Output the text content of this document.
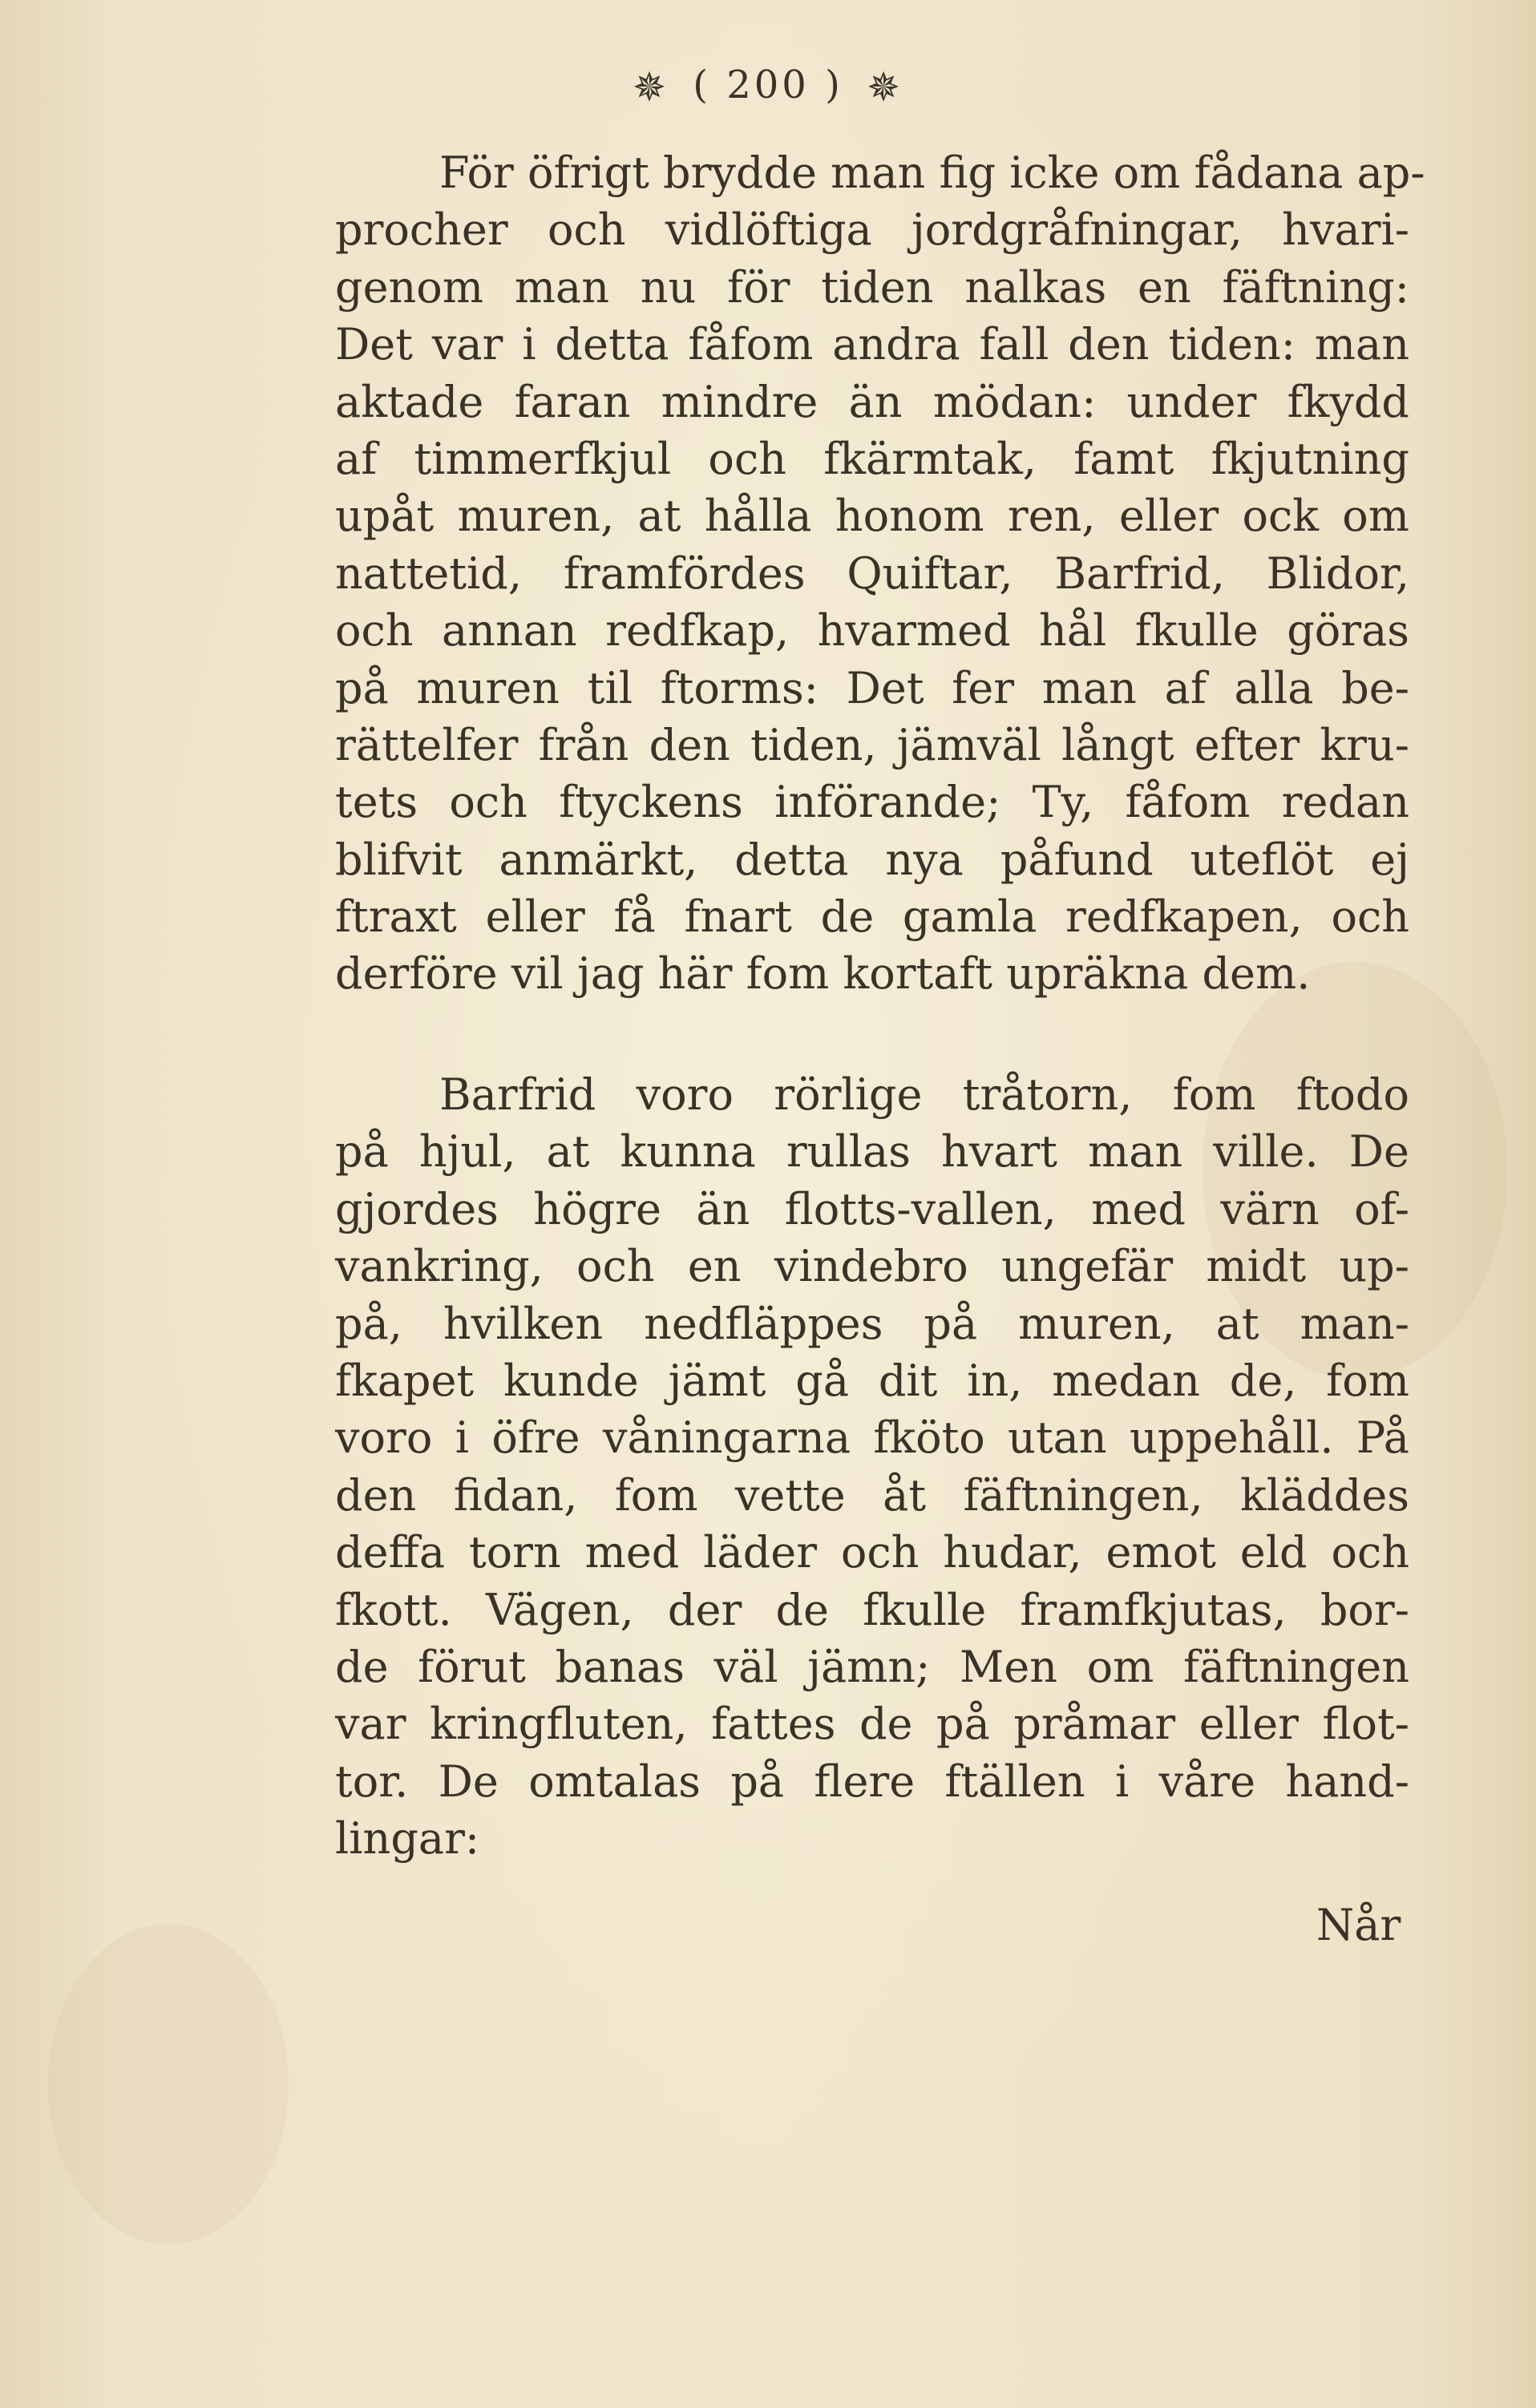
✵ ( 200 ) ✵
För öfrigt brydde man fig icke om fådana ap-
procher och vidlöftiga jordgråfningar, hvari-
genom man nu för tiden nalkas en fäftning:
Det var i detta fåfom andra fall den tiden: man
aktade faran mindre än mödan: under fkydd
af timmerfkjul och fkärmtak, famt fkjutning
upåt muren, at hålla honom ren, eller ock om
nattetid, framfördes Quiftar, Barfrid, Blidor,
och annan redfkap, hvarmed hål fkulle göras
på muren til ftorms: Det fer man af alla be-
rättelfer från den tiden, jämväl långt efter kru-
tets och ftyckens införande; Ty, fåfom redan
blifvit anmärkt, detta nya påfund uteflöt ej
ftraxt eller få fnart de gamla redfkapen, och
derföre vil jag här fom kortaft upräkna dem.
Barfrid voro rörlige tråtorn, fom ftodo
på hjul, at kunna rullas hvart man ville. De
gjordes högre än flotts-vallen, med värn of-
vankring, och en vindebro ungefär midt up-
på, hvilken nedfläppes på muren, at man-
fkapet kunde jämt gå dit in, medan de, fom
voro i öfre våningarna fköto utan uppehåll. På
den fidan, fom vette åt fäftningen, kläddes
deffa torn med läder och hudar, emot eld och
fkott. Vägen, der de fkulle framfkjutas, bor-
de förut banas väl jämn; Men om fäftningen
var kringfluten, fattes de på pråmar eller flot-
tor. De omtalas på flere ftällen i våre hand-
lingar:
Når
